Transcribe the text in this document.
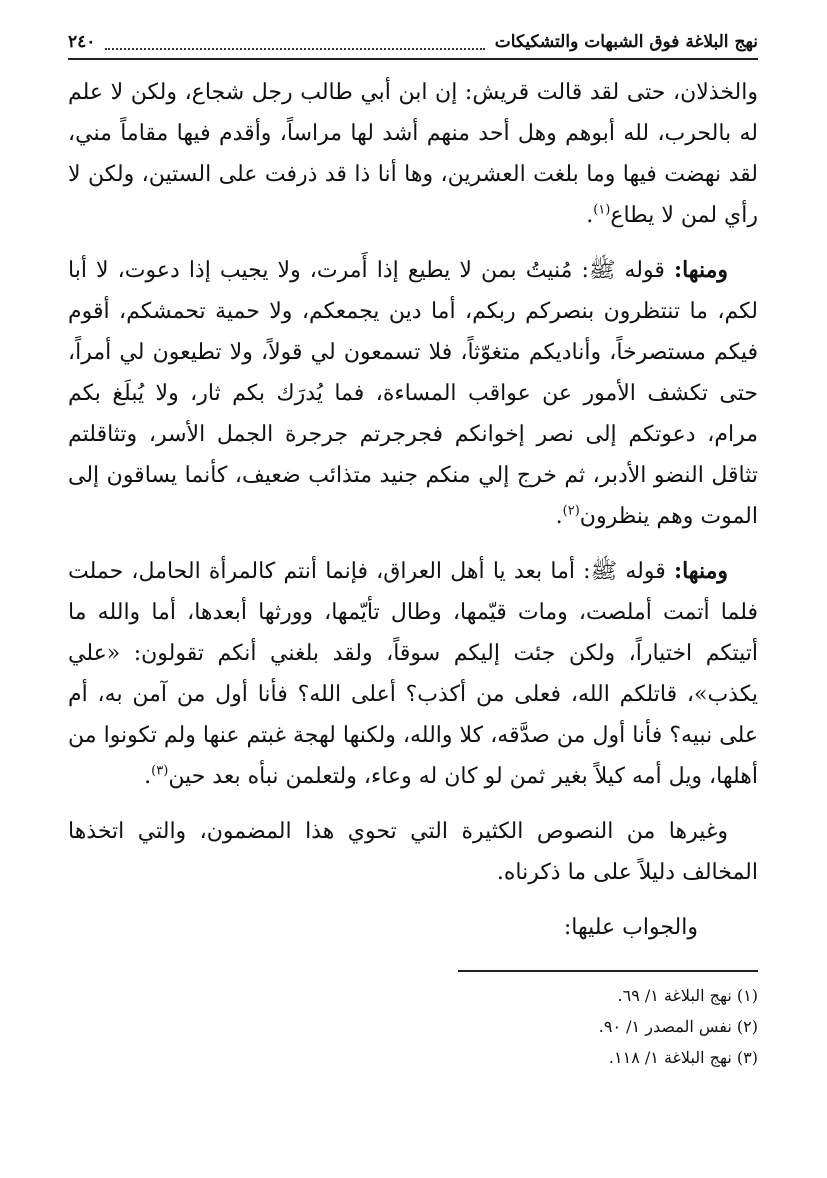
نهج البلاغة فوق الشبهات والتشكيكات
٢٤٠

والخذلان، حتى لقد قالت قريش: إن ابن أبي طالب رجل شجاع، ولكن لا علم له بالحرب، لله أبوهم وهل أحد منهم أشد لها مراساً، وأقدم فيها مقاماً مني، لقد نهضت فيها وما بلغت العشرين، وها أنا ذا قد ذرفت على الستين، ولكن لا رأي لمن لا يطاع$^{(١)}$.

ومنها: قوله ﷺ: مُنيتُ بمن لا يطيع إذا أَمرت، ولا يجيب إذا دعوت، لا أبا لكم، ما تنتظرون بنصركم ربكم، أما دين يجمعكم، ولا حمية تحمشكم، أقوم فيكم مستصرخاً، وأناديكم متغوّثاً، فلا تسمعون لي قولاً، ولا تطيعون لي أمراً، حتى تكشف الأمور عن عواقب المساءة، فما يُدرَك بكم ثار، ولا يُبلَغ بكم مرام، دعوتكم إلى نصر إخوانكم فجرجرتم جرجرة الجمل الأسر، وتثاقلتم تثاقل النضو الأدبر، ثم خرج إلي منكم جنيد متذائب ضعيف، كأنما يساقون إلى الموت وهم ينظرون$^{(٢)}$.

ومنها: قوله ﷺ: أما بعد يا أهل العراق، فإنما أنتم كالمرأة الحامل، حملت فلما أتمت أملصت، ومات قيّمها، وطال تأيّمها، وورثها أبعدها، أما والله ما أتيتكم اختياراً، ولكن جئت إليكم سوقاً، ولقد بلغني أنكم تقولون: «علي يكذب»، قاتلكم الله، فعلى من أكذب؟ أعلى الله؟ فأنا أول من آمن به، أم على نبيه؟ فأنا أول من صدَّقه، كلا والله، ولكنها لهجة غبتم عنها ولم تكونوا من أهلها، ويل أمه كيلاً بغير ثمن لو كان له وعاء، ولتعلمن نبأه بعد حين$^{(٣)}$.

وغيرها من النصوص الكثيرة التي تحوي هذا المضمون، والتي اتخذها المخالف دليلاً على ما ذكرناه.

والجواب عليها:

(١) نهج البلاغة ١/ ٦٩.

(٢) نفس المصدر ١/ ٩٠.

(٣) نهج البلاغة ١/ ١١٨.
